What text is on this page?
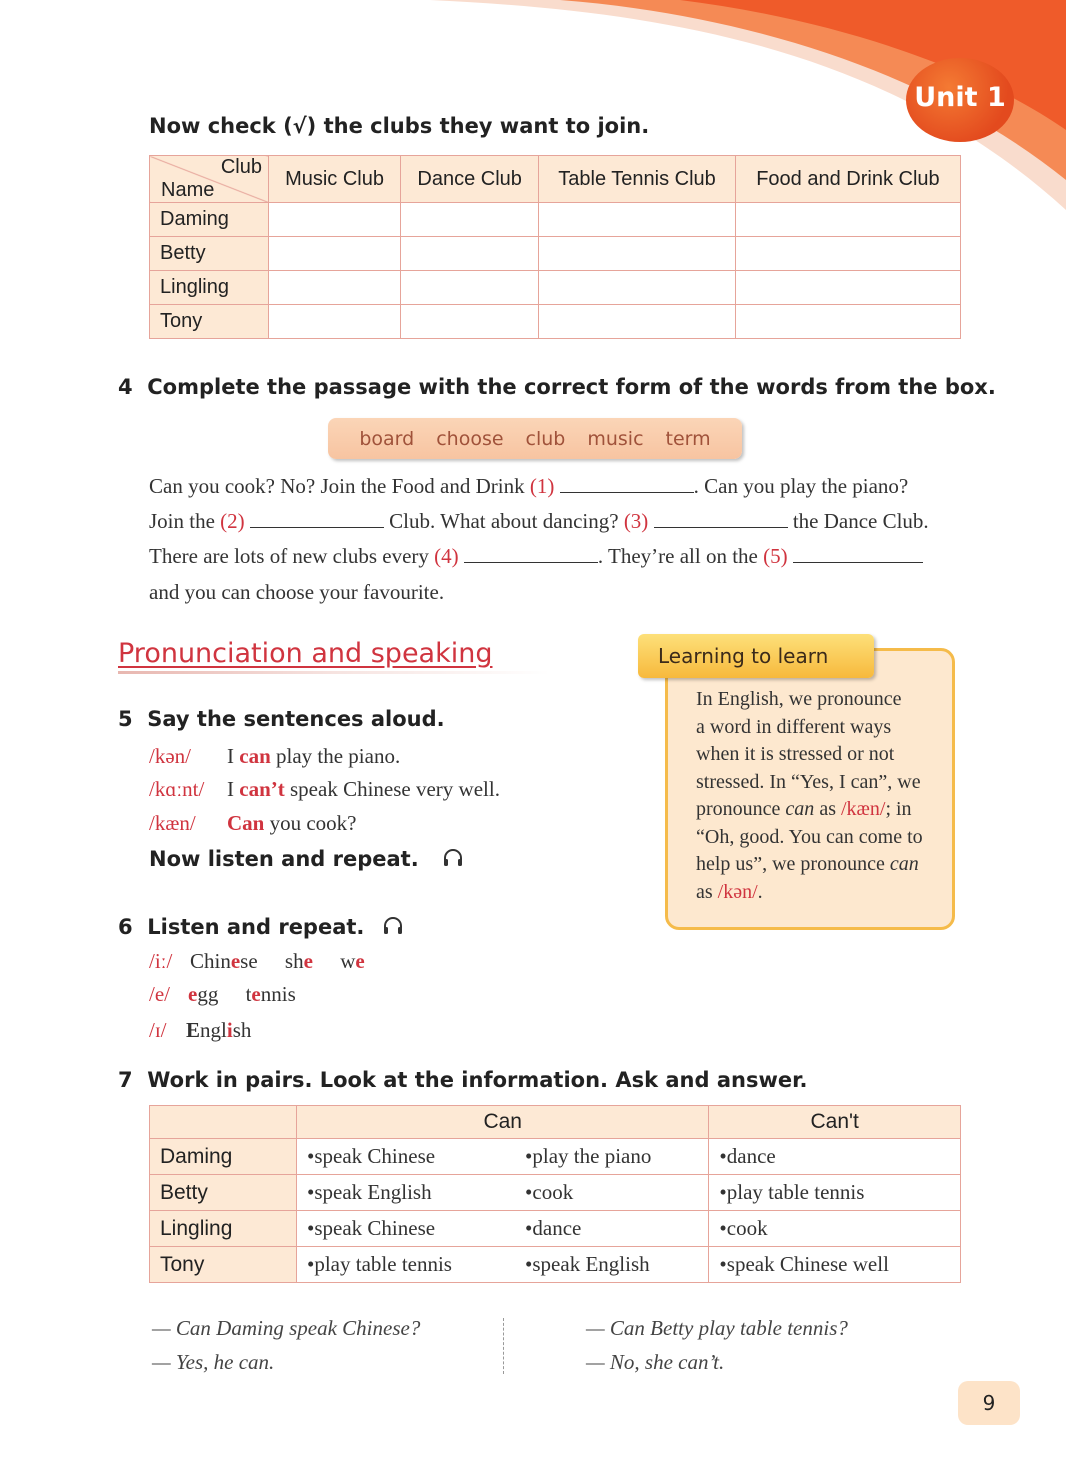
Unit 1
Now check (√) the clubs they want to join.
Club
Name	Music Club	Dance Club	Table Tennis Club	Food and Drink Club
Daming				
Betty				
Lingling				
Tony				
4 Complete the passage with the correct form of the words from the box.
board choose club music term
Can you cook? No? Join the Food and Drink (1)	. Can you play the piano?
Join the (2)	Club. What about dancing? (3)	the Dance Club.
There are lots of new clubs every (4)	. They’re all on the (5)
and you can choose your favourite.
Pronunciation and speaking	Learning to learn
In English, we pronounce
a word in different ways
when it is stressed or not
stressed. In “Yes, I can”, we
pronounce can as /kæn/; in
“Oh, good. You can come to
help us”, we pronounce can
as /kən/.
5 Say the sentences aloud.
/kən/ I can play the piano.
/kɑːnt/ I can’t speak Chinese very well.
/kæn/ Can you cook?
Now listen and repeat.
6 Listen and repeat.
/iː/ Chinese she we
/e/ egg tennis
/ɪ/ English
7 Work in pairs. Look at the information. Ask and answer.
	Can		Can't
Daming	•speak Chinese	•play the piano	•dance
Betty	•speak English	•cook	•play table tennis
Lingling	•speak Chinese	•dance	•cook
Tony	•play table tennis	•speak English	•speak Chinese well
— Can Daming speak Chinese?
— Yes, he can.
— Can Betty play table tennis?
— No, she can’t.
9
